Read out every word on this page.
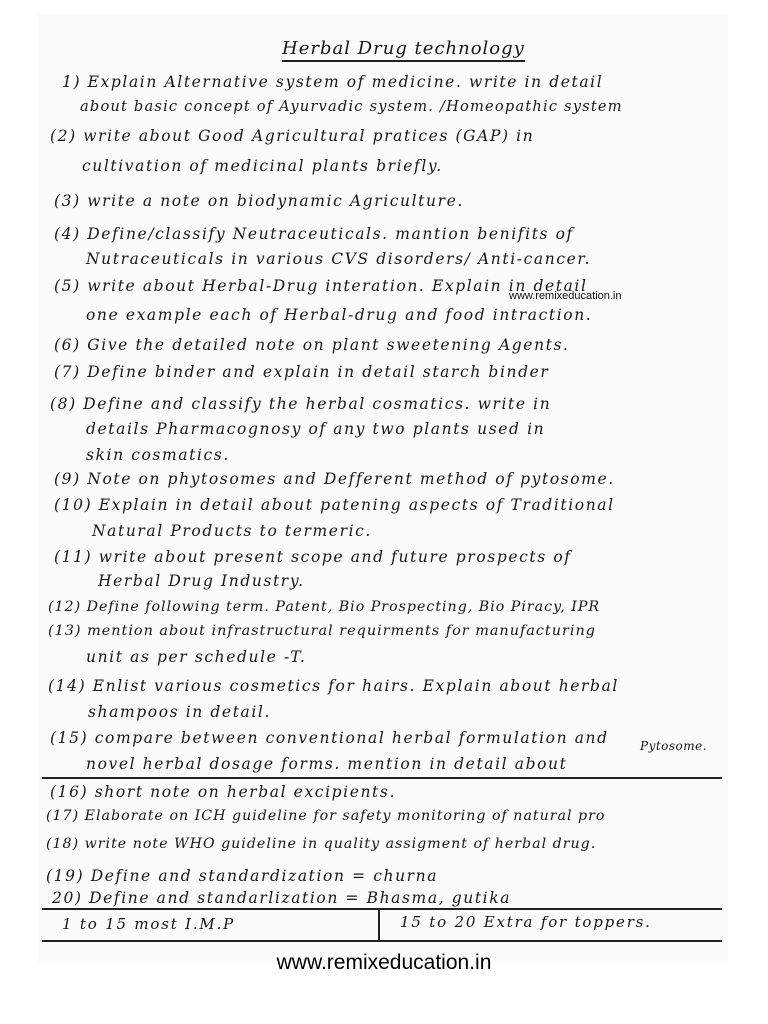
Herbal Drug technology
1) Explain Alternative system of medicine. write in detail
about basic concept of Ayurvadic system. /Homeopathic system
(2) write about Good Agricultural pratices (GAP) in
cultivation of medicinal plants briefly.
(3) write a note on biodynamic Agriculture.
(4) Define/classify Neutraceuticals. mantion benifits of
Nutraceuticals in various CVS disorders/ Anti-cancer.
(5) write about Herbal-Drug interation. Explain in detail
one example each of Herbal-drug and food intraction.
(6) Give the detailed note on plant sweetening Agents.
(7) Define binder and explain in detail starch binder
(8) Define and classify the herbal cosmatics. write in
details Pharmacognosy of any two plants used in
skin cosmatics.
(9) Note on phytosomes and Defferent method of pytosome.
(10) Explain in detail about patening aspects of Traditional
Natural Products to termeric.
(11) write about present scope and future prospects of
Herbal Drug Industry.
(12) Define following term. Patent, Bio Prospecting, Bio Piracy, IPR
(13) mention about infrastructural requirments for manufacturing
unit as per schedule -T.
(14) Enlist various cosmetics for hairs. Explain about herbal
shampoos in detail.
(15) compare between conventional herbal formulation and
novel herbal dosage forms. mention in detail about
(16) short note on herbal excipients.
(17) Elaborate on ICH guideline for safety monitoring of natural pro
(18) write note WHO guideline in quality assigment of herbal drug.
(19) Define and standardization = churna
20) Define and standarlization = Bhasma, gutika
Pytosome.
www.remixeducation.in
1 to 15 most I.M.P	15 to 20 Extra for toppers.
www.remixeducation.in
